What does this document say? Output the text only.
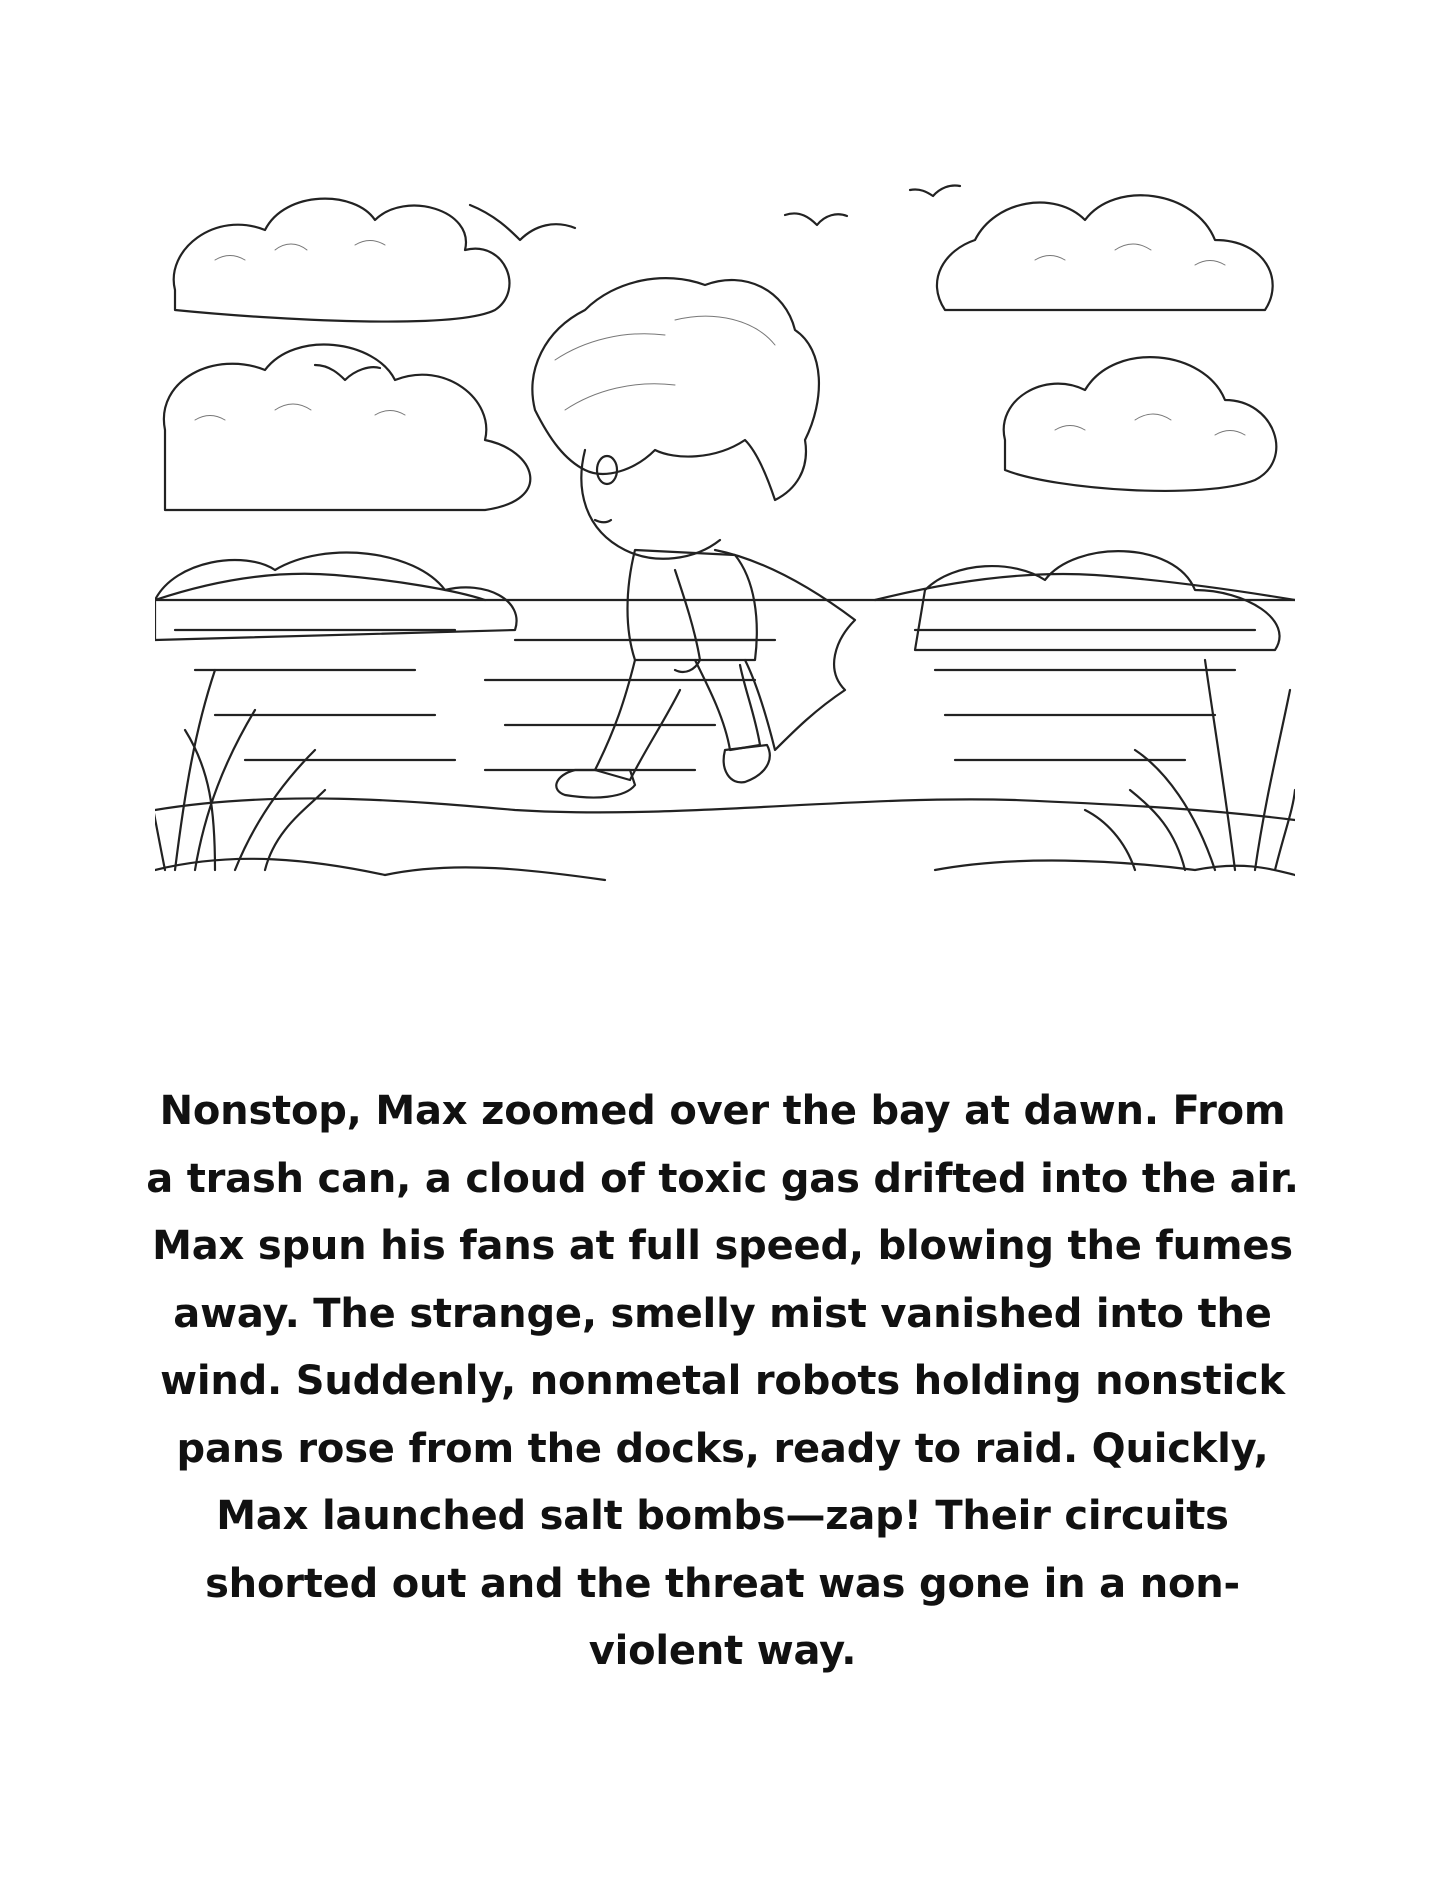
Nonstop, Max zoomed over the bay at dawn. From
a trash can, a cloud of toxic gas drifted into the air.
Max spun his fans at full speed, blowing the fumes
away. The strange, smelly mist vanished into the
wind. Suddenly, nonmetal robots holding nonstick
pans rose from the docks, ready to raid. Quickly,
Max launched salt bombs—zap! Their circuits
shorted out and the threat was gone in a non-
violent way.
